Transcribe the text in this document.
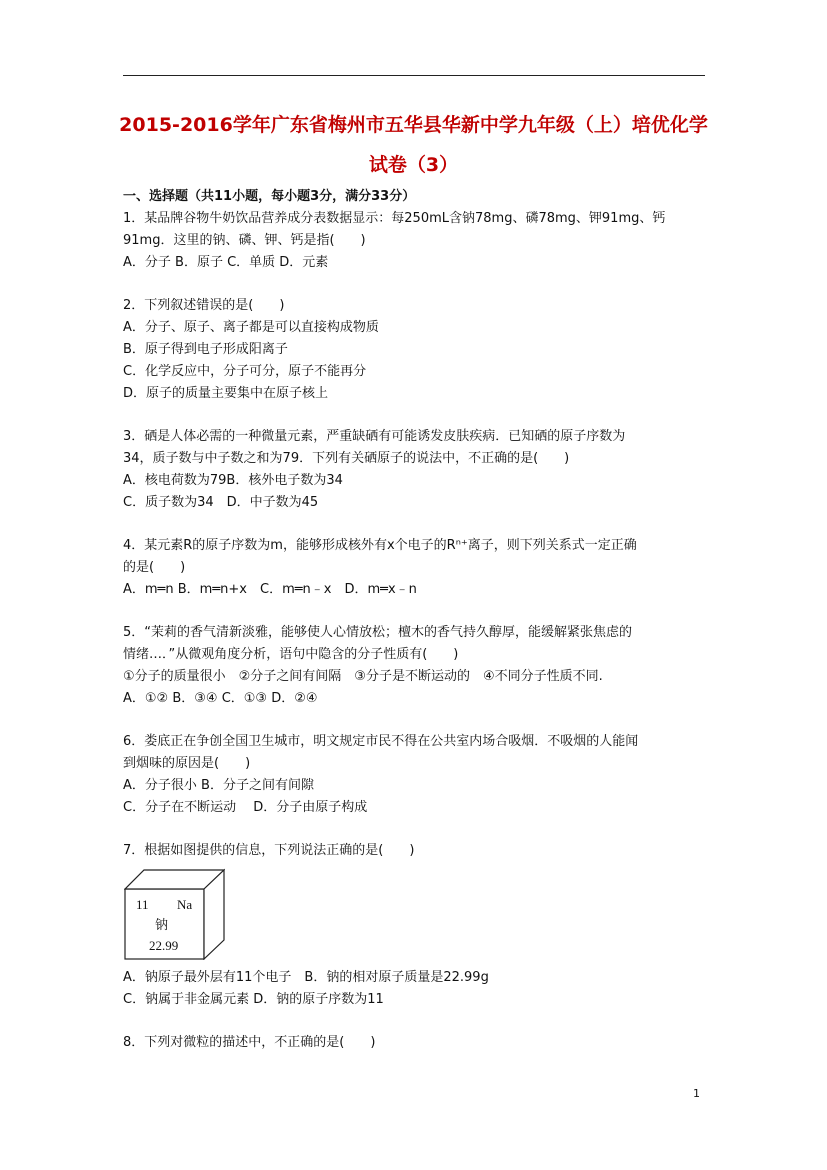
2015-2016学年广东省梅州市五华县华新中学九年级（上）培优化学
试卷（3）
一、选择题（共11小题，每小题3分，满分33分）
1．某品牌谷物牛奶饮品营养成分表数据显示：每250mL含钠78mg、磷78mg、钾91mg、钙
91mg．这里的钠、磷、钾、钙是指(　　)
A．分子 B．原子 C．单质 D．元素
2．下列叙述错误的是(　　)
A．分子、原子、离子都是可以直接构成物质
B．原子得到电子形成阳离子
C．化学反应中，分子可分，原子不能再分
D．原子的质量主要集中在原子核上
3．硒是人体必需的一种微量元素，严重缺硒有可能诱发皮肤疾病．已知硒的原子序数为
34，质子数与中子数之和为79．下列有关硒原子的说法中，不正确的是(　　)
A．核电荷数为79B．核外电子数为34
C．质子数为34　D．中子数为45
4．某元素R的原子序数为m，能够形成核外有x个电子的Rⁿ⁺离子，则下列关系式一定正确
的是(　　)
A．m═n B．m═n+x　C．m═n﹣x　D．m═x﹣n
5．“茉莉的香气清新淡雅，能够使人心情放松；檀木的香气持久醇厚，能缓解紧张焦虑的
情绪…．”从微观角度分析，语句中隐含的分子性质有(　　)
①分子的质量很小　②分子之间有间隔　③分子是不断运动的　④不同分子性质不同.
A．①② B．③④ C．①③ D．②④
6．娄底正在争创全国卫生城市，明文规定市民不得在公共室内场合吸烟．不吸烟的人能闻
到烟味的原因是(　　)
A．分子很小 B．分子之间有间隙
C．分子在不断运动　 D．分子由原子构成
7．根据如图提供的信息，下列说法正确的是(　　)
A．钠原子最外层有11个电子　B．钠的相对原子质量是22.99g
C．钠属于非金属元素 D．钠的原子序数为11
8．下列对微粒的描述中，不正确的是(　　)
11 Na
钠
22.99
1
